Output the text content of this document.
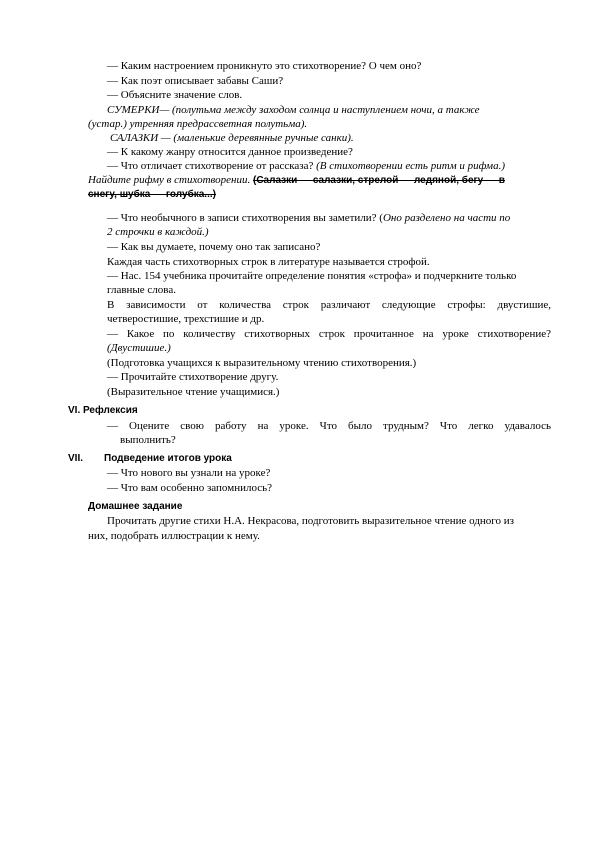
— Каким настроением проникнуто это стихотворение? О чем оно?
— Как поэт описывает забавы Саши?
— Объясните значение слов.
СУМЕРКИ— (полутьма между заходом солнца и наступлением ночи, а также
(устар.) утренняя предрассветная полутьма).
САЛАЗКИ — (маленькие деревянные ручные санки).
— К какому жанру относится данное произведение?
— Что отличает стихотворение от рассказа? (В стихотворении есть ритм и рифма.)
Найдите рифму в стихотворении. (Сaлазки — салазки, стрелой — ледяной, бегу — в
снегу, шубка — голубка...)
— Что необычного в записи стихотворения вы заметили? (Оно разделено на части по
2 строчки в каждой.)
— Как вы думаете, почему оно так записано?
Каждая часть стихотворных строк в литературе называется строфой.
— Нас. 154 учебника прочитайте определение понятия «строфа» и подчеркните только
главные слова.
В зависимости от количества строк различают следующие строфы: двустишие,
четверостишие, трехстишие и др.
— Какое по количеству стихотворных строк прочитанное на уроке стихотворение?
(Двустишие.)
(Подготовка учащихся к выразительному чтению стихотворения.)
— Прочитайте стихотворение другу.
(Выразительное чтение учащимися.)
VI. Рефлексия
— Оцените свою работу на уроке. Что было трудным? Что легко удавалось
выполнить?
VII. Подведение итогов урока
— Что нового вы узнали на уроке?
— Что вам особенно запомнилось?
Домашнее задание
Прочитать другие стихи Н.А. Некрасова, подготовить выразительное чтение одного из
них, подобрать иллюстрации к нему.
